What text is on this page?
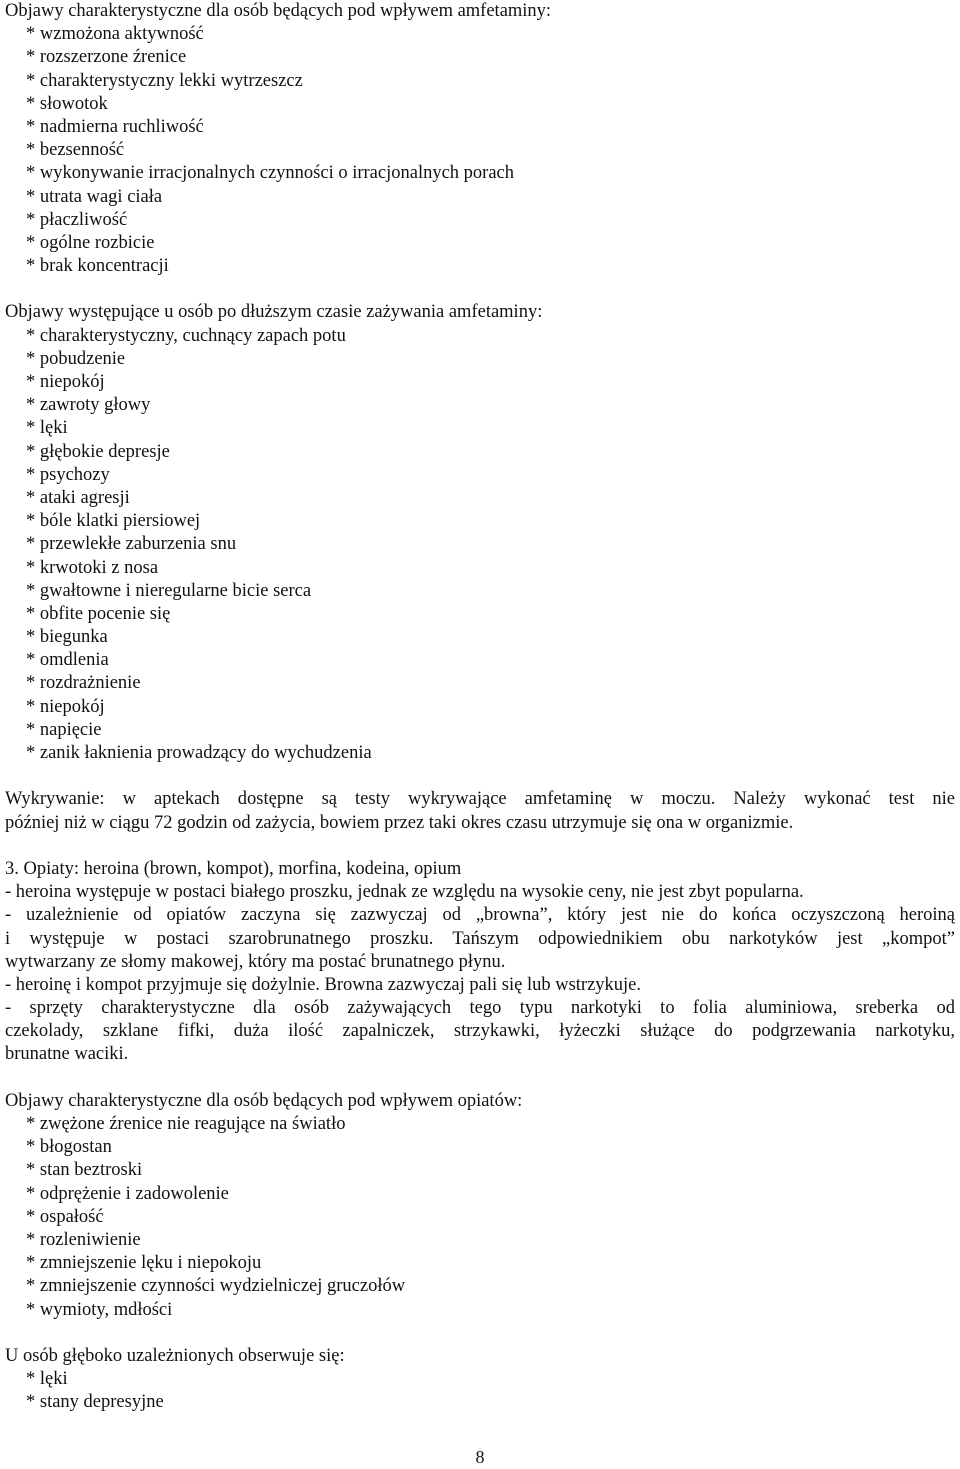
Objawy charakterystyczne dla osób będących pod wpływem amfetaminy:
* wzmożona aktywność
* rozszerzone źrenice
* charakterystyczny lekki wytrzeszcz
* słowotok
* nadmierna ruchliwość
* bezsenność
* wykonywanie irracjonalnych czynności o irracjonalnych porach
* utrata wagi ciała
* płaczliwość
* ogólne rozbicie
* brak koncentracji
Objawy występujące u osób po dłuższym czasie zażywania amfetaminy:
* charakterystyczny, cuchnący zapach potu
* pobudzenie
* niepokój
* zawroty głowy
* lęki
* głębokie depresje
* psychozy
* ataki agresji
* bóle klatki piersiowej
* przewlekłe zaburzenia snu
* krwotoki z nosa
* gwałtowne i nieregularne bicie serca
* obfite pocenie się
* biegunka
* omdlenia
* rozdrażnienie
* niepokój
* napięcie
* zanik łaknienia prowadzący do wychudzenia
Wykrywanie: w aptekach dostępne są testy wykrywające amfetaminę w moczu. Należy wykonać test nie
później niż w ciągu 72 godzin od zażycia, bowiem przez taki okres czasu utrzymuje się ona w organizmie.
3. Opiaty: heroina (brown, kompot), morfina, kodeina, opium
- heroina występuje w postaci białego proszku, jednak ze względu na wysokie ceny, nie jest zbyt popularna.
- uzależnienie od opiatów zaczyna się zazwyczaj od „browna”, który jest nie do końca oczyszczoną heroiną
i występuje w postaci szarobrunatnego proszku. Tańszym odpowiednikiem obu narkotyków jest „kompot”
wytwarzany ze słomy makowej, który ma postać brunatnego płynu.
- heroinę i kompot przyjmuje się dożylnie. Browna zazwyczaj pali się lub wstrzykuje.
- sprzęty charakterystyczne dla osób zażywających tego typu narkotyki to folia aluminiowa, sreberka od
czekolady, szklane fifki, duża ilość zapalniczek, strzykawki, łyżeczki służące do podgrzewania narkotyku,
brunatne waciki.
Objawy charakterystyczne dla osób będących pod wpływem opiatów:
* zwężone źrenice nie reagujące na światło
* błogostan
* stan beztroski
* odprężenie i zadowolenie
* ospałość
* rozleniwienie
* zmniejszenie lęku i niepokoju
* zmniejszenie czynności wydzielniczej gruczołów
* wymioty, mdłości
U osób głęboko uzależnionych obserwuje się:
* lęki
* stany depresyjne
8
